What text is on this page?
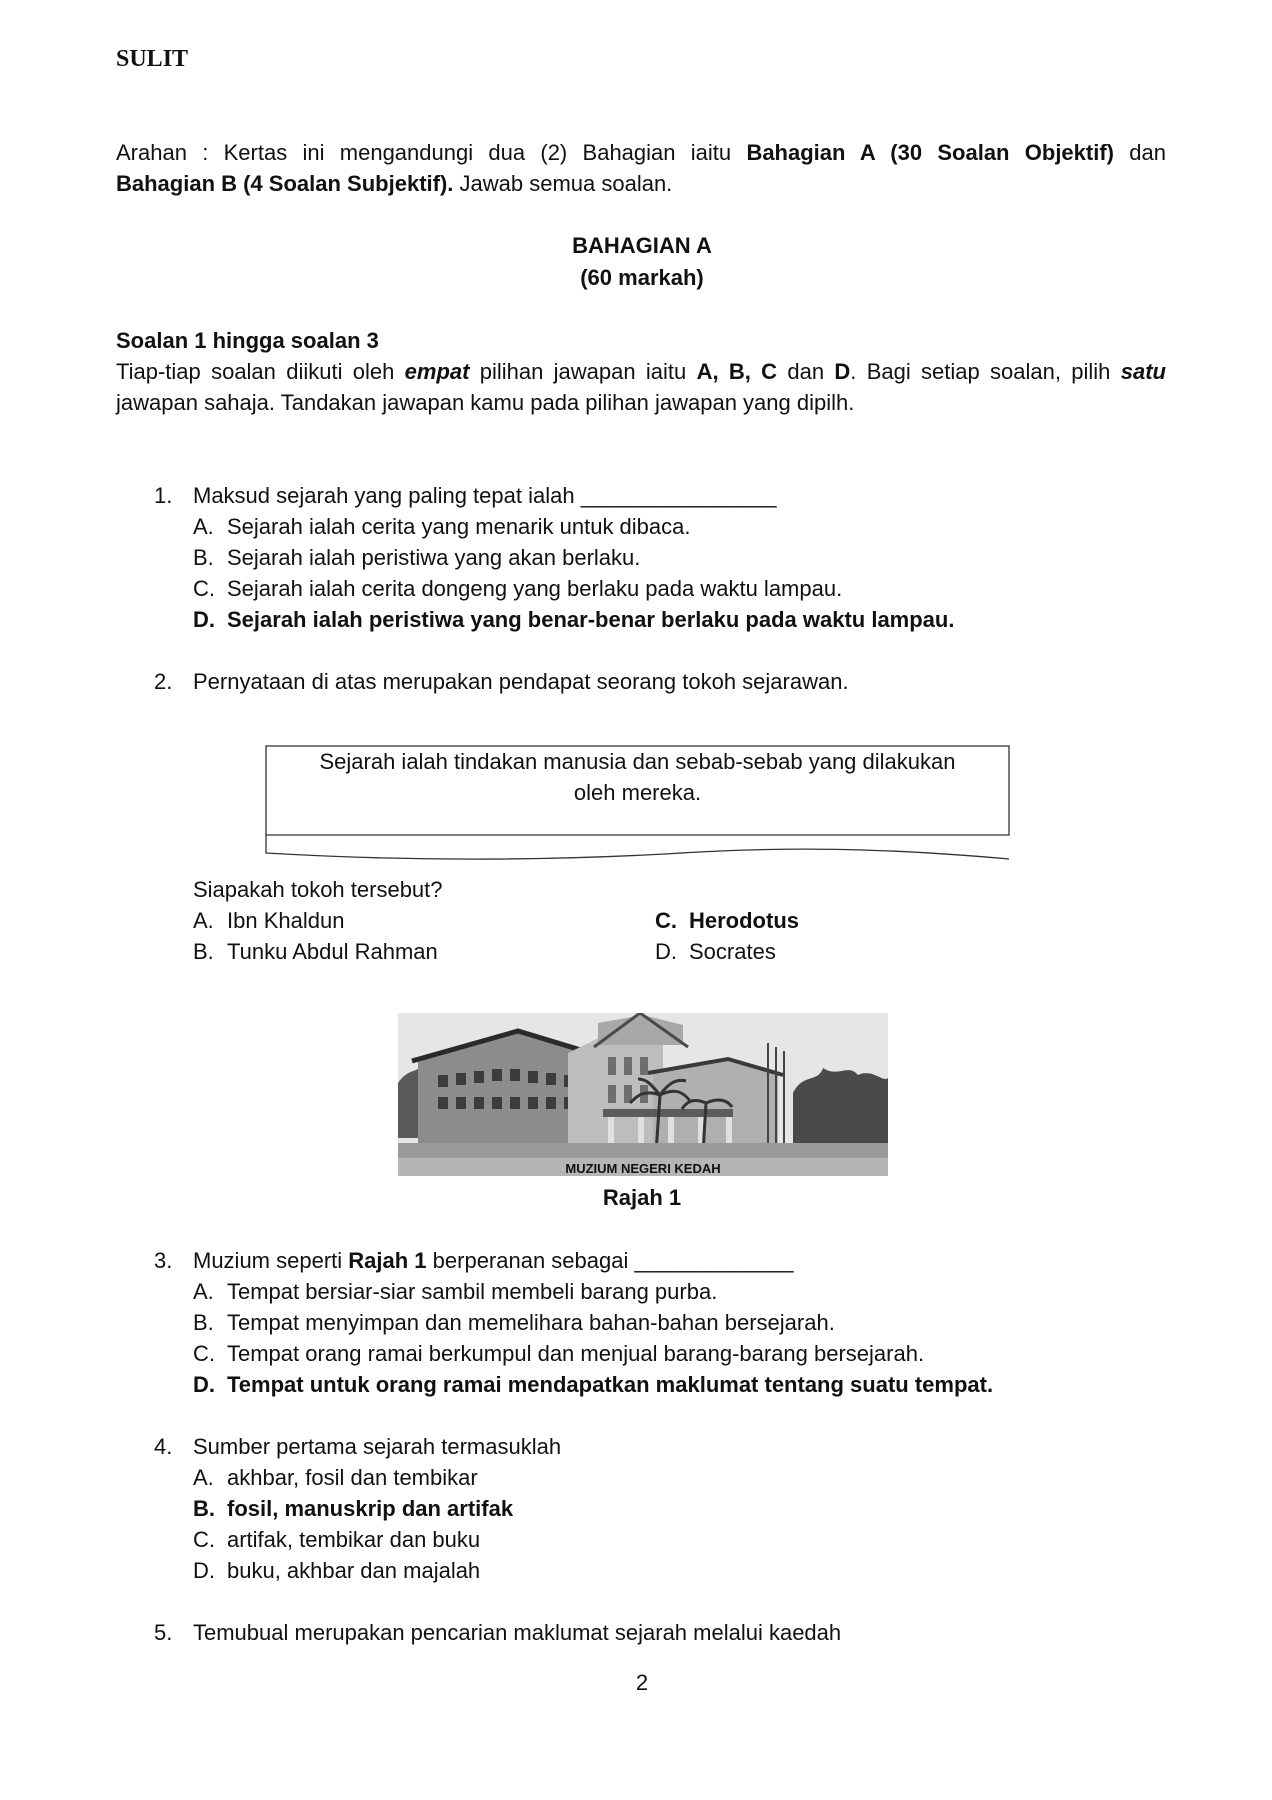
SULIT
Arahan : Kertas ini mengandungi dua (2) Bahagian iaitu Bahagian A (30 Soalan Objektif) dan
Bahagian B (4 Soalan Subjektif). Jawab semua soalan.
BAHAGIAN A
(60 markah)
Soalan 1 hingga soalan 3
Tiap-tiap soalan diikuti oleh empat pilihan jawapan iaitu A, B, C dan D. Bagi setiap soalan, pilih satu
jawapan sahaja. Tandakan jawapan kamu pada pilihan jawapan yang dipilh.
1. Maksud sejarah yang paling tepat ialah ________________
A. Sejarah ialah cerita yang menarik untuk dibaca.
B. Sejarah ialah peristiwa yang akan berlaku.
C. Sejarah ialah cerita dongeng yang berlaku pada waktu lampau.
D. Sejarah ialah peristiwa yang benar-benar berlaku pada waktu lampau.
2. Pernyataan di atas merupakan pendapat seorang tokoh sejarawan.
Sejarah ialah tindakan manusia dan sebab-sebab yang dilakukan
oleh mereka.
Siapakah tokoh tersebut?
A. Ibn Khaldun
B. Tunku Abdul Rahman
C. Herodotus
D. Socrates
MUZIUM NEGERI KEDAH
Rajah 1
3. Muzium seperti Rajah 1 berperanan sebagai _____________
A. Tempat bersiar-siar sambil membeli barang purba.
B. Tempat menyimpan dan memelihara bahan-bahan bersejarah.
C. Tempat orang ramai berkumpul dan menjual barang-barang bersejarah.
D. Tempat untuk orang ramai mendapatkan maklumat tentang suatu tempat.
4. Sumber pertama sejarah termasuklah
A. akhbar, fosil dan tembikar
B. fosil, manuskrip dan artifak
C. artifak, tembikar dan buku
D. buku, akhbar dan majalah
5. Temubual merupakan pencarian maklumat sejarah melalui kaedah
2
